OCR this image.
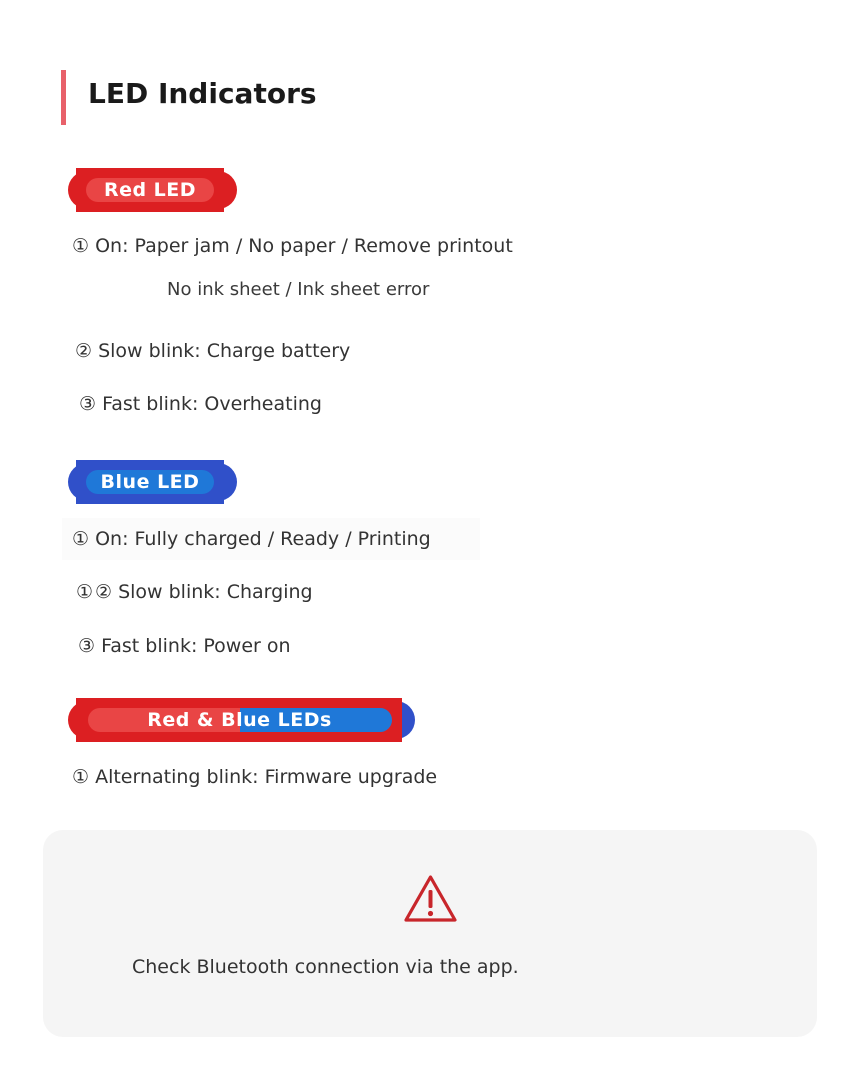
LED Indicators
Red LED
① On: Paper jam / No paper / Remove printout
No ink sheet / Ink sheet error
② Slow blink: Charge battery
③ Fast blink: Overheating
Blue LED
① On: Fully charged / Ready / Printing
① ② Slow blink: Charging
③ Fast blink: Power on
Red & Blue LEDs
① Alternating blink: Firmware upgrade
Check Bluetooth connection via the app.
